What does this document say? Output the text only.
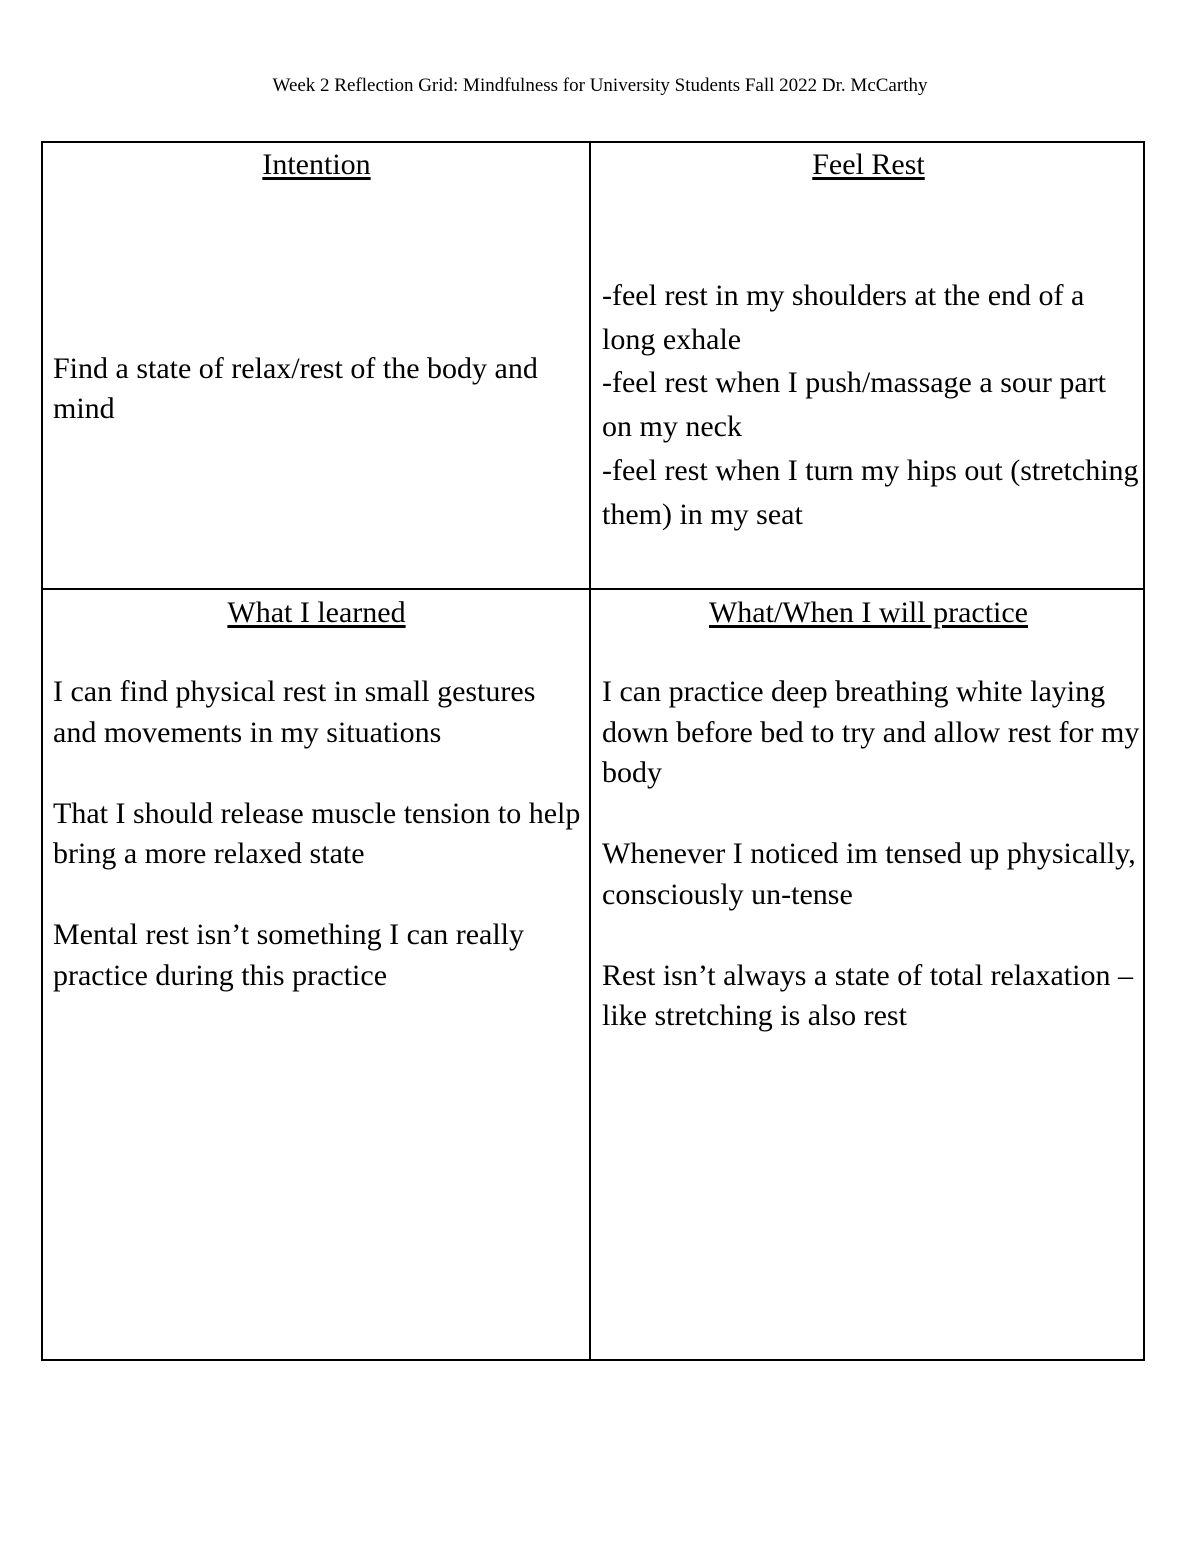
Week 2 Reflection Grid: Mindfulness for University Students Fall 2022 Dr. McCarthy
Intention
Find a state of relax/rest of the body and mind
Feel Rest
-feel rest in my shoulders at the end of a long exhale
-feel rest when I push/massage a sour part on my neck
-feel rest when I turn my hips out (stretching them) in my seat
What I learned
I can find physical rest in small gestures and movements in my situations
That I should release muscle tension to help bring a more relaxed state
Mental rest isn’t something I can really practice during this practice
What/When I will practice
I can practice deep breathing white laying down before bed to try and allow rest for my body
Whenever I noticed im tensed up physically, consciously un-tense
Rest isn’t always a state of total relaxation – like stretching is also rest
